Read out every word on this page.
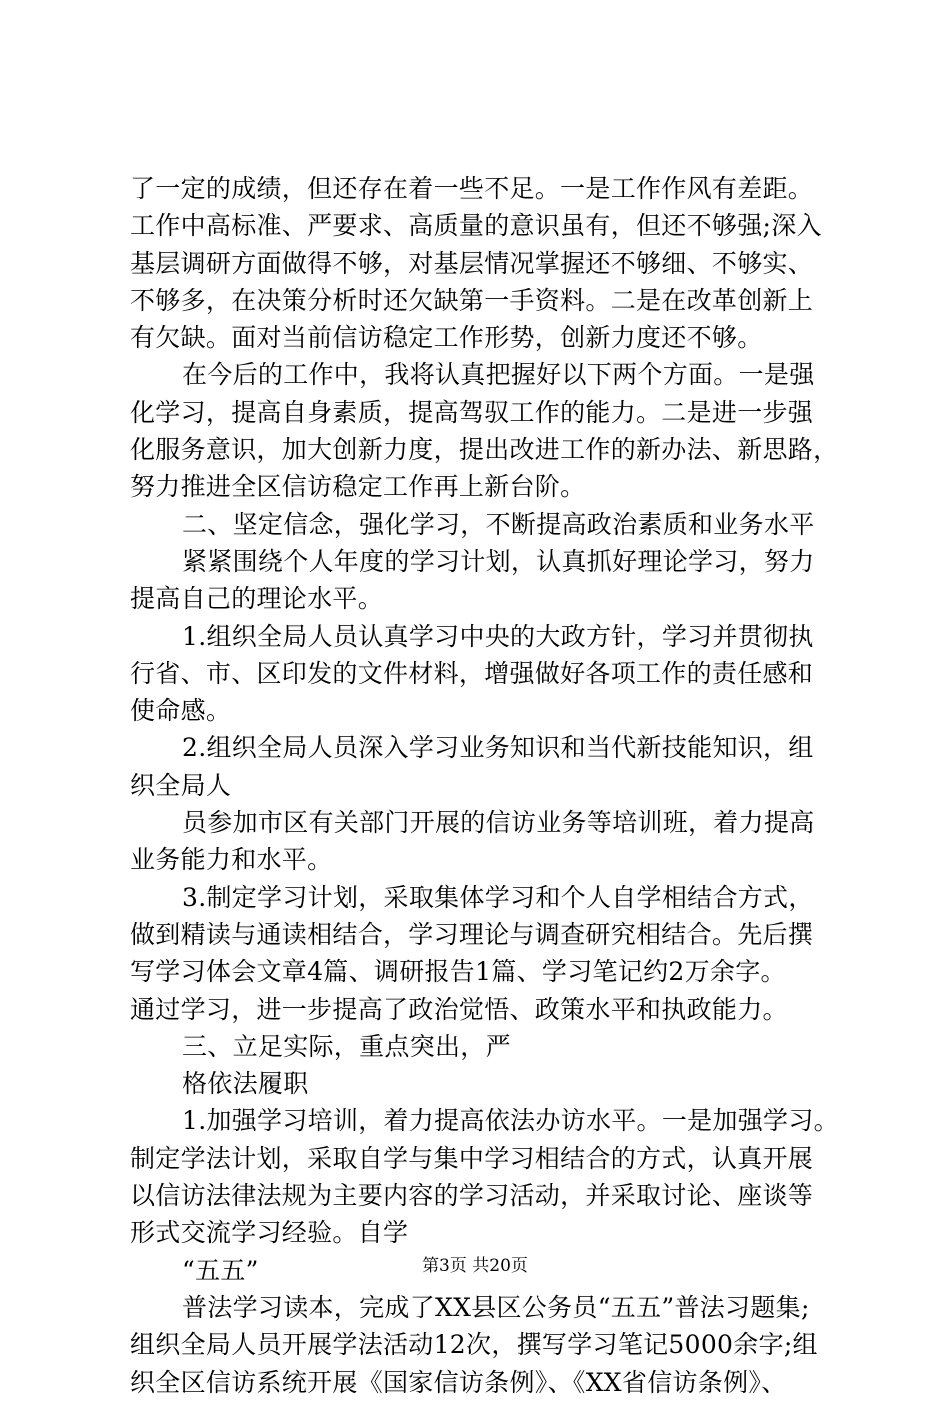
了一定的成绩，但还存在着一些不足。一是工作作风有差距。
工作中高标准、严要求、高质量的意识虽有，但还不够强;深入
基层调研方面做得不够，对基层情况掌握还不够细、不够实、
不够多，在决策分析时还欠缺第一手资料。二是在改革创新上
有欠缺。面对当前信访稳定工作形势，创新力度还不够。
在今后的工作中，我将认真把握好以下两个方面。一是强
化学习，提高自身素质，提高驾驭工作的能力。二是进一步强
化服务意识，加大创新力度，提出改进工作的新办法、新思路，
努力推进全区信访稳定工作再上新台阶。
二、坚定信念，强化学习，不断提高政治素质和业务水平
紧紧围绕个人年度的学习计划，认真抓好理论学习，努力
提高自己的理论水平。
1.组织全局人员认真学习中央的大政方针，学习并贯彻执
行省、市、区印发的文件材料，增强做好各项工作的责任感和
使命感。
2.组织全局人员深入学习业务知识和当代新技能知识，组
织全局人
员参加市区有关部门开展的信访业务等培训班，着力提高
业务能力和水平。
3.制定学习计划，采取集体学习和个人自学相结合方式，
做到精读与通读相结合，学习理论与调查研究相结合。先后撰
写学习体会文章4篇、调研报告1篇、学习笔记约2万余字。
通过学习，进一步提高了政治觉悟、政策水平和执政能力。
三、立足实际，重点突出，严
格依法履职
1.加强学习培训，着力提高依法办访水平。一是加强学习。
制定学法计划，采取自学与集中学习相结合的方式，认真开展
以信访法律法规为主要内容的学习活动，并采取讨论、座谈等
形式交流学习经验。自学
“五五”
普法学习读本，完成了XX县区公务员“五五”普法习题集;
组织全局人员开展学法活动12次，撰写学习笔记5000余字;组
织全区信访系统开展《国家信访条例》、《XX省信访条例》、
第3页 共20页
